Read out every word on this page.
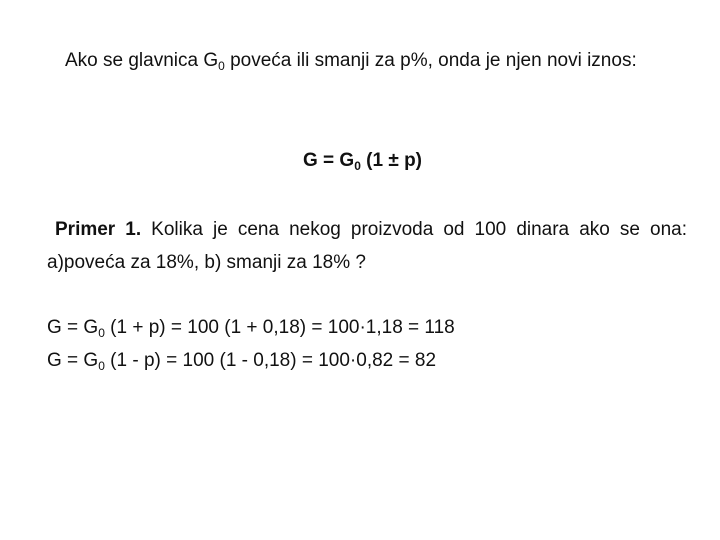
Ako se glavnica $G_0$ poveća ili smanji za p%, onda je njen novi iznos:

$G = G_0$ (1 ± p)

Primer 1. Kolika je cena nekog proizvoda od 100 dinara ako se ona: a)poveća za 18%, b) smanji za 18% ?

$G = G_0$ (1 + p) = 100 (1 + 0,18) = 100·1,18 = 118
$G = G_0$ (1 - p) = 100 (1 - 0,18) = 100·0,82 = 82
